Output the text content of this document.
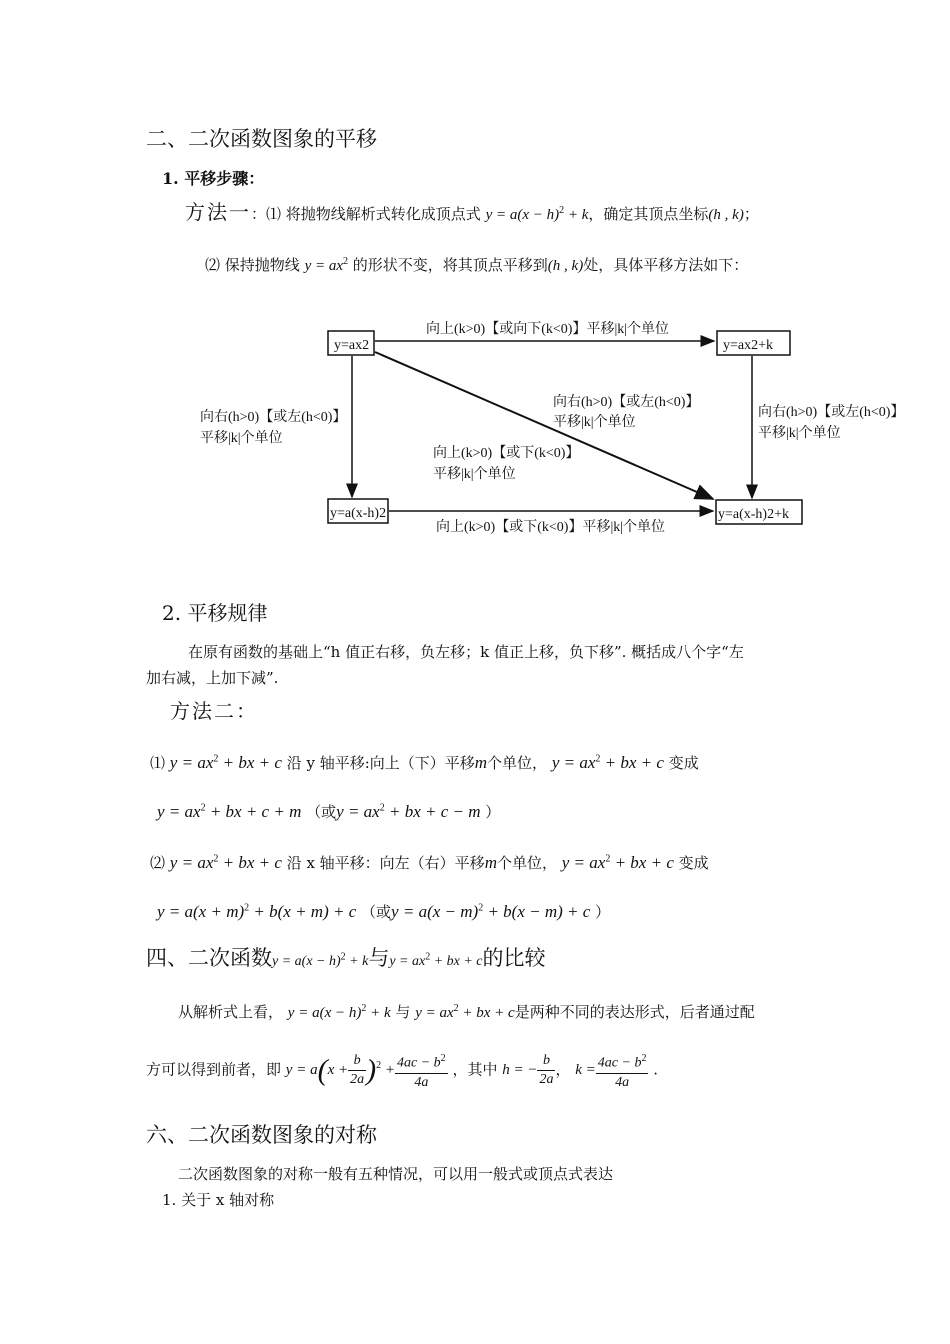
二、二次函数图象的平移
1. 平移步骤：
方法一：⑴ 将抛物线解析式转化成顶点式 $y = a(x - h)^2 + k$，确定其顶点坐标(h , k)；
⑵ 保持抛物线 $y = ax^2$ 的形状不变，将其顶点平移到(h , k)处，具体平移方法如下：
y=ax2	y=ax2+k
y=a(x-h)2	y=a(x-h)2+k
向上(k>0)【或向下(k<0)】平移|k|个单位
向右(h>0)【或左(h<0)】
平移|k|个单位
向右(h>0)【或左(h<0)】
平移|k|个单位
向上(k>0)【或下(k<0)】
平移|k|个单位
向右(h>0)【或左(h<0)】
平移|k|个单位
向上(k>0)【或下(k<0)】平移|k|个单位
2. 平移规律
在原有函数的基础上“h 值正右移，负左移；k 值正上移，负下移”. 概括成八个字“左
加右减，上加下减”.
方法二：
⑴ $y = ax^2$ + bx + c 沿 y 轴平移:向上（下）平移m个单位， $y = ax^2$ + bx + c 变成
$y = ax^2$ + bx + c + m （或$y = ax^2$ + bx + c − m ）
⑵ $y = ax^2$ + bx + c 沿 x 轴平移：向左（右）平移m个单位， $y = ax^2$ + bx + c 变成
$y = a(x + m)^2 + b(x + m) + c$ （或$y = a(x - m)^2 + b(x - m) + c$ ）
四、二次函数$y = a(x - h)^2 + k$与$y = ax^2$ + bx + c的比较
从解析式上看， $y = a(x - h)^2 + k$ 与 $y = ax^2$ + bx + c是两种不同的表达形式，后者通过配
方可以得到前者，即 $y = a(x + \frac{b}{2a} )^2 + \frac{4ac - b^2}{4a}$ ，其中 h = − $\frac{b}{2a}$ ， $k = \frac{4ac - b^2}{4a}$ .
六、二次函数图象的对称
二次函数图象的对称一般有五种情况，可以用一般式或顶点式表达
1. 关于 x 轴对称
